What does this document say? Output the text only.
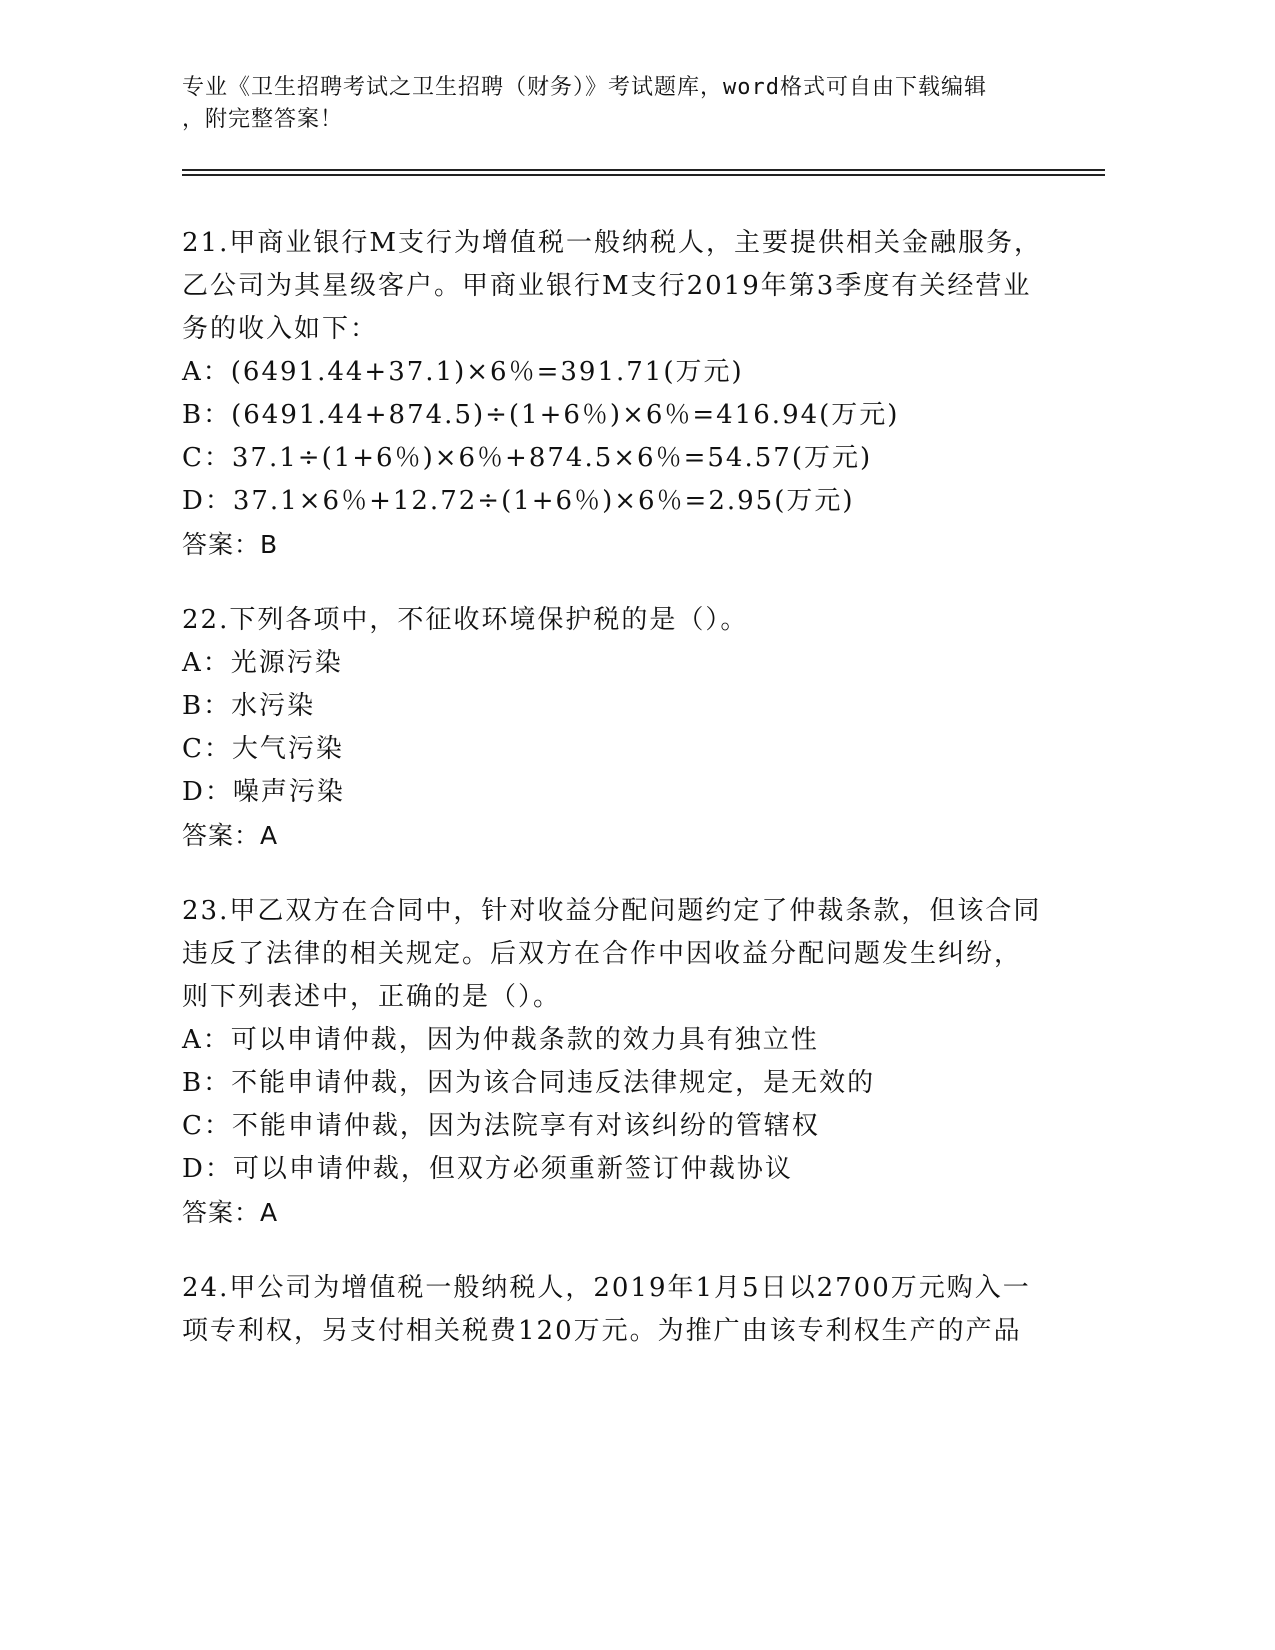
专业《卫生招聘考试之卫生招聘（财务）》考试题库，word格式可自由下载编辑
，附完整答案！

21.甲商业银行M支行为增值税一般纳税人，主要提供相关金融服务，乙公司为其星级客户。甲商业银行M支行2019年第3季度有关经营业务的收入如下：

A：(6491.44+37.1)×6％=391.71(万元)
B：(6491.44+874.5)÷(1+6％)×6％=416.94(万元)
C：37.1÷(1+6％)×6％+874.5×6％=54.57(万元)
D：37.1×6％+12.72÷(1+6％)×6％=2.95(万元)
答案：B

22.下列各项中，不征收环境保护税的是（）。

A：光源污染
B：水污染
C：大气污染
D：噪声污染
答案：A

23.甲乙双方在合同中，针对收益分配问题约定了仲裁条款，但该合同违反了法律的相关规定。后双方在合作中因收益分配问题发生纠纷，则下列表述中，正确的是（）。

A：可以申请仲裁，因为仲裁条款的效力具有独立性
B：不能申请仲裁，因为该合同违反法律规定，是无效的
C：不能申请仲裁，因为法院享有对该纠纷的管辖权
D：可以申请仲裁，但双方必须重新签订仲裁协议
答案：A

24.甲公司为增值税一般纳税人，2019年1月5日以2700万元购入一项专利权，另支付相关税费120万元。为推广由该专利权生产的产品
